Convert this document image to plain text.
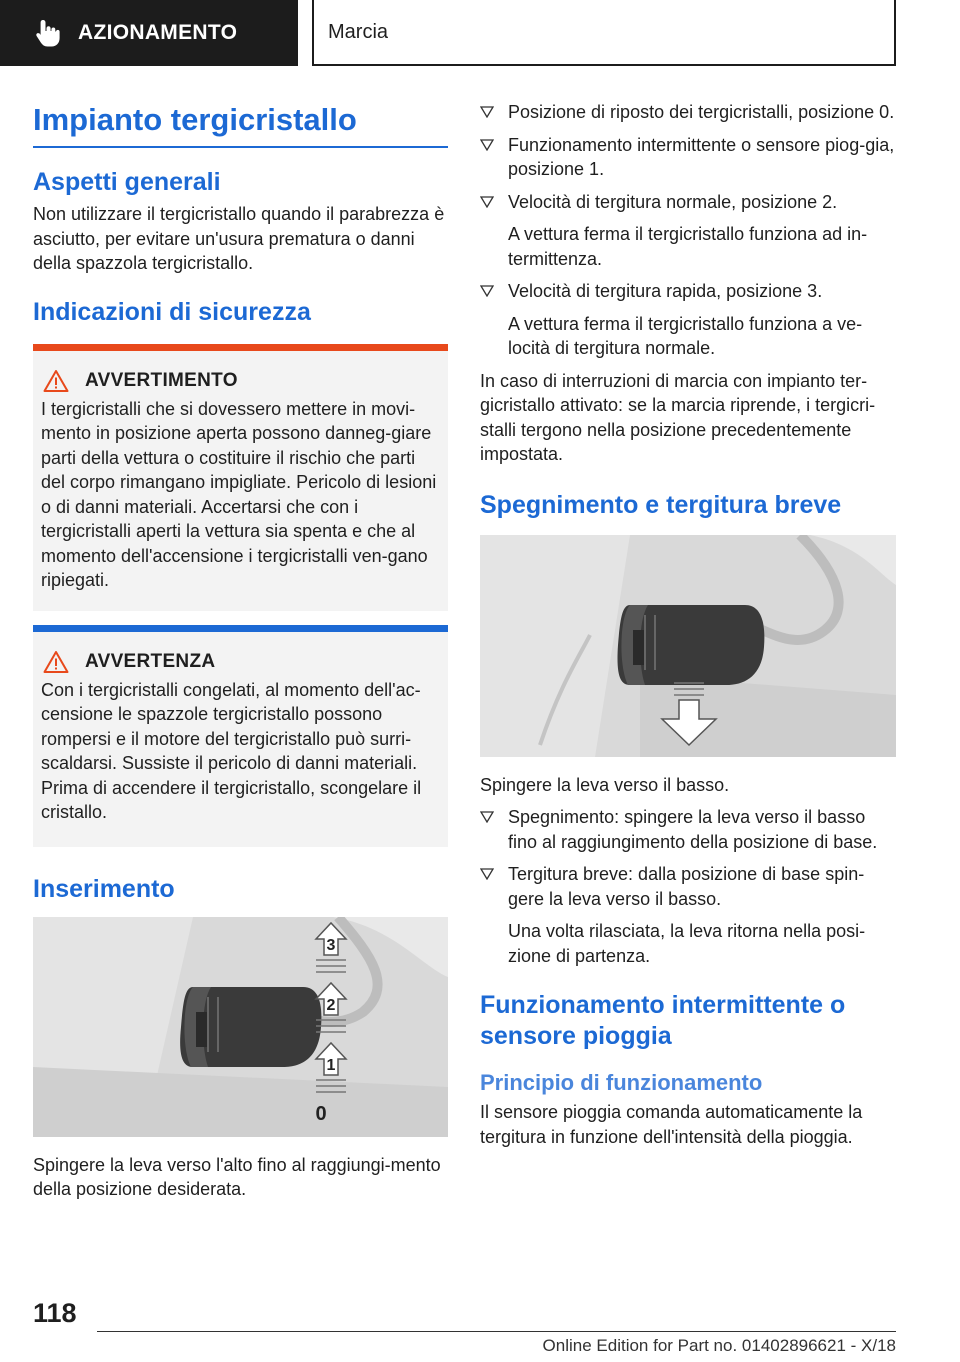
AZIONAMENTO	Marcia
Impianto tergicristallo
Aspetti generali

Non utilizzare il tergicristallo quando il parabrezza è asciutto, per evitare un'usura prematura o danni della spazzola tergicristallo.

Indicazioni di sicurezza
AVVERTIMENTO

I tergicristalli che si dovessero mettere in movi-mento in posizione aperta possono danneg-giare parti della vettura o costituire il rischio che parti del corpo rimangano impigliate. Pericolo di lesioni o di danni materiali. Accertarsi che con i tergicristalli aperti la vettura sia spenta e che al momento dell'accensione i tergicristalli ven-gano ripiegati.

AVVERTENZA

Con i tergicristalli congelati, al momento dell'ac-censione le spazzole tergicristallo possono rompersi e il motore del tergicristallo può surri-scaldarsi. Sussiste il pericolo di danni materiali. Prima di accendere il tergicristallo, scongelare il cristallo.

Inserimento
3
2
1
0

Spingere la leva verso l'alto fino al raggiungi-mento della posizione desiderata.

Posizione di riposto dei tergicristalli, posizione 0.
Funzionamento intermittente o sensore piog-gia, posizione 1.
Velocità di tergitura normale, posizione 2.
A vettura ferma il tergicristallo funziona ad in-termittenza.
Velocità di tergitura rapida, posizione 3.
A vettura ferma il tergicristallo funziona a ve-locità di tergitura normale.

In caso di interruzioni di marcia con impianto ter-gicristallo attivato: se la marcia riprende, i tergicri-stalli tergono nella posizione precedentemente impostata.

Spegnimento e tergitura breve

Spingere la leva verso il basso.

Spegnimento: spingere la leva verso il basso fino al raggiungimento della posizione di base.
Tergitura breve: dalla posizione di base spin-gere la leva verso il basso.
Una volta rilasciata, la leva ritorna nella posi-zione di partenza.
Funzionamento intermittente o sensore pioggia
Principio di funzionamento

Il sensore pioggia comanda automaticamente la tergitura in funzione dell'intensità della pioggia.

118
Online Edition for Part no. 01402896621 - X/18
